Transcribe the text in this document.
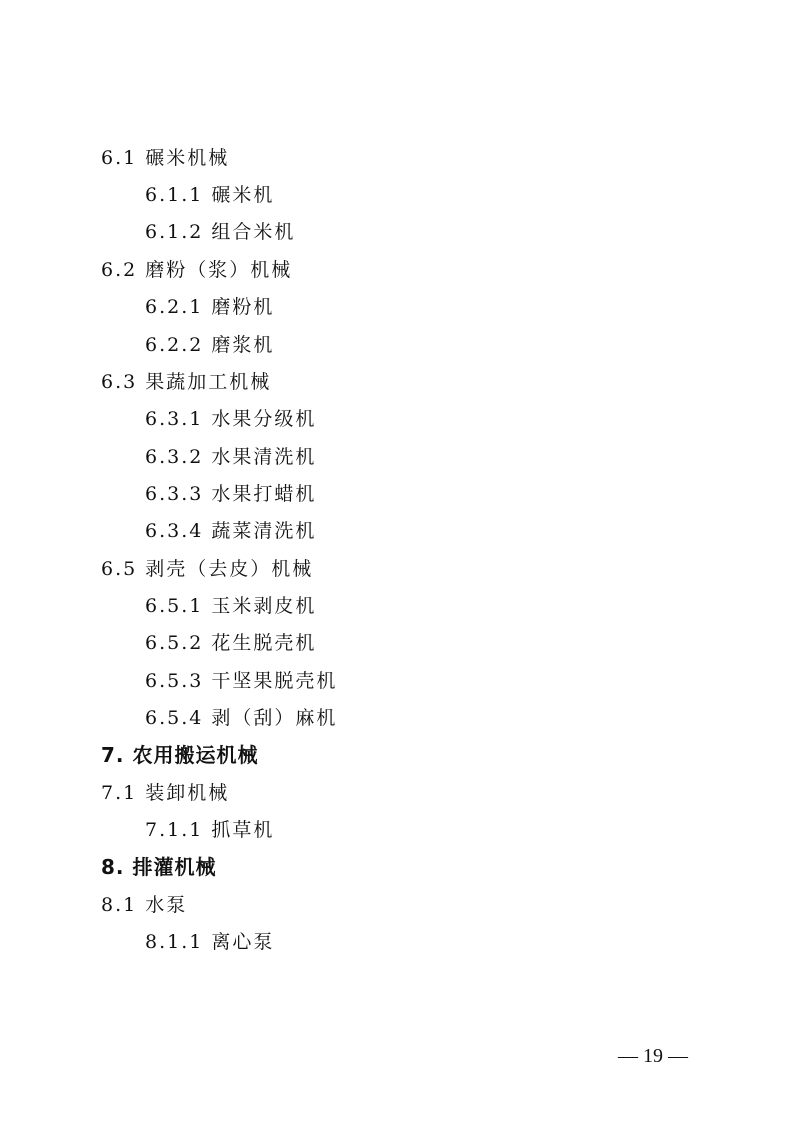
6.1 碾米机械
6.1.1 碾米机
6.1.2 组合米机
6.2 磨粉（浆）机械
6.2.1 磨粉机
6.2.2 磨浆机
6.3 果蔬加工机械
6.3.1 水果分级机
6.3.2 水果清洗机
6.3.3 水果打蜡机
6.3.4 蔬菜清洗机
6.5 剥壳（去皮）机械
6.5.1 玉米剥皮机
6.5.2 花生脱壳机
6.5.3 干坚果脱壳机
6.5.4 剥（刮）麻机
7. 农用搬运机械
7.1 装卸机械
7.1.1 抓草机
8. 排灌机械
8.1 水泵
8.1.1 离心泵
— 19 —
